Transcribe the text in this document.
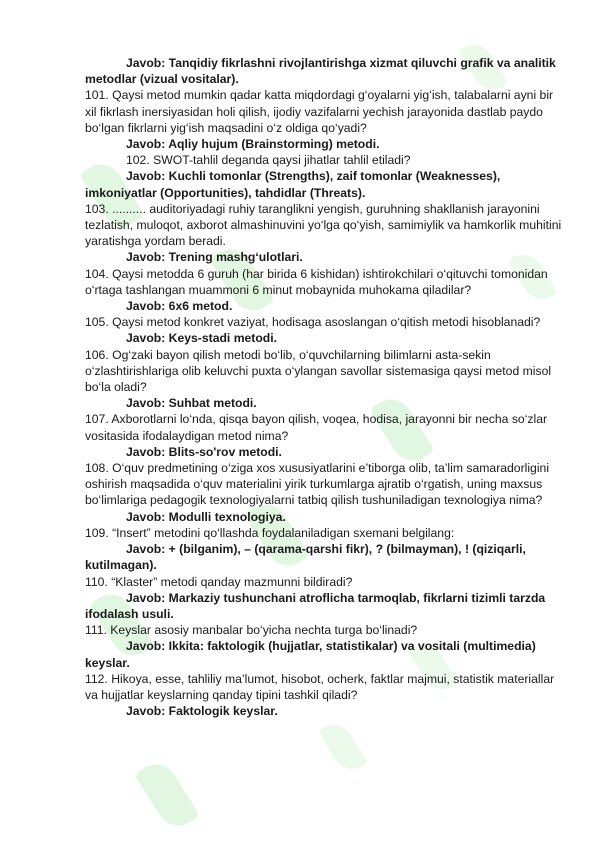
Javob: Tanqidiy fikrlashni rivojlantirishga xizmat qiluvchi grafik va analitik metodlar (vizual vositalar).

101. Qaysi metod mumkin qadar katta miqdordagi g‘oyalarni yig‘ish, talabalarni ayni bir xil fikrlash inersiyasidan holi qilish, ijodiy vazifalarni yechish jarayonida dastlab paydo bo‘lgan fikrlarni yig‘ish maqsadini o‘z oldiga qo‘yadi?

Javob: Aqliy hujum (Brainstorming) metodi.

102. SWOT-tahlil deganda qaysi jihatlar tahlil etiladi?

Javob: Kuchli tomonlar (Strengths), zaif tomonlar (Weaknesses), imkoniyatlar (Opportunities), tahdidlar (Threats).

103. .......... auditoriyadagi ruhiy taranglikni yengish, guruhning shakllanish jarayonini tezlatish, muloqot, axborot almashinuvini yo‘lga qo‘yish, samimiylik va hamkorlik muhitini yaratishga yordam beradi.

Javob: Trening mashg‘ulotlari.

104. Qaysi metodda 6 guruh (har birida 6 kishidan) ishtirokchilari o‘qituvchi tomonidan o‘rtaga tashlangan muammoni 6 minut mobaynida muhokama qiladilar?

Javob: 6x6 metod.

105. Qaysi metod konkret vaziyat, hodisaga asoslangan o‘qitish metodi hisoblanadi?

Javob: Keys-stadi metodi.

106. Og‘zaki bayon qilish metodi bo‘lib, o‘quvchilarning bilimlarni asta-sekin o‘zlashtirishlariga olib keluvchi puxta o‘ylangan savollar sistemasiga qaysi metod misol bo‘la oladi?

Javob: Suhbat metodi.

107. Axborotlarni lo‘nda, qisqa bayon qilish, voqea, hodisa, jarayonni bir necha so‘zlar vositasida ifodalaydigan metod nima?

Javob: Blits-so'rov metodi.

108. O‘quv predmetining o‘ziga xos xususiyatlarini e’tiborga olib, ta’lim samaradorligini oshirish maqsadida o‘quv materialini yirik turkumlarga ajratib o‘rgatish, uning maxsus bo‘limlariga pedagogik texnologiyalarni tatbiq qilish tushuniladigan texnologiya nima?

Javob: Modulli texnologiya.

109. “Insert” metodini qo‘llashda foydalaniladigan sxemani belgilang:

Javob: + (bilganim), – (qarama-qarshi fikr), ? (bilmayman), ! (qiziqarli, kutilmagan).

110. “Klaster” metodi qanday mazmunni bildiradi?

Javob: Markaziy tushunchani atroflicha tarmoqlab, fikrlarni tizimli tarzda ifodalash usuli.

111. Keyslar asosiy manbalar bo‘yicha nechta turga bo‘linadi?

Javob: Ikkita: faktologik (hujjatlar, statistikalar) va vositali (multimedia) keyslar.

112. Hikoya, esse, tahliliy ma’lumot, hisobot, ocherk, faktlar majmui, statistik materiallar va hujjatlar keyslarning qanday tipini tashkil qiladi?

Javob: Faktologik keyslar.
